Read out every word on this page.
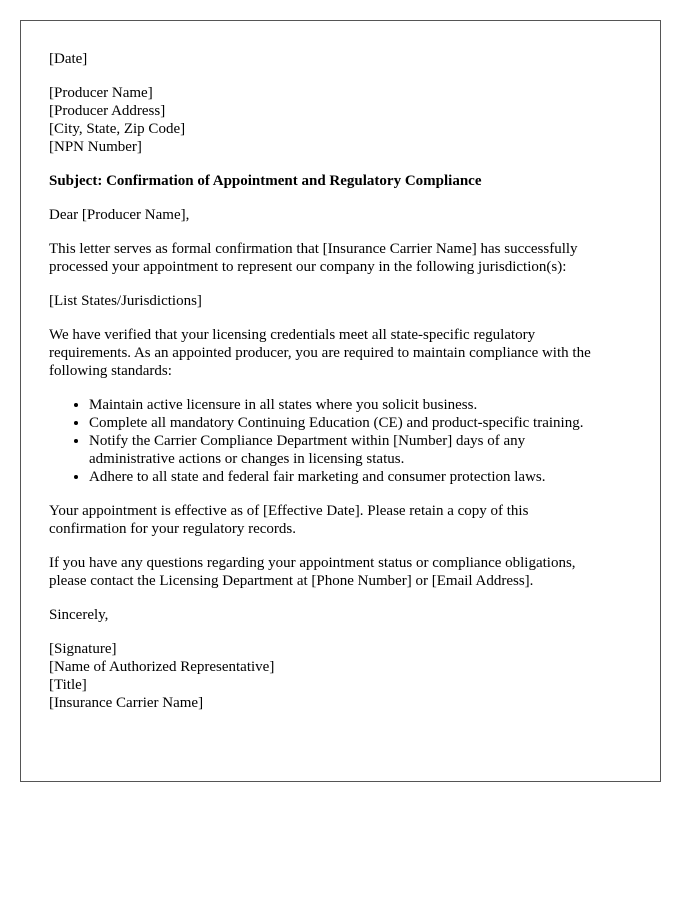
[Date]

[Producer Name]
[Producer Address]
[City, State, Zip Code]
[NPN Number]

Subject: Confirmation of Appointment and Regulatory Compliance

Dear [Producer Name],

This letter serves as formal confirmation that [Insurance Carrier Name] has successfully
processed your appointment to represent our company in the following jurisdiction(s):

[List States/Jurisdictions]

We have verified that your licensing credentials meet all state-specific regulatory
requirements. As an appointed producer, you are required to maintain compliance with the
following standards:

• Maintain active licensure in all states where you solicit business.
• Complete all mandatory Continuing Education (CE) and product-specific training.
• Notify the Carrier Compliance Department within [Number] days of any
administrative actions or changes in licensing status.
• Adhere to all state and federal fair marketing and consumer protection laws.

Your appointment is effective as of [Effective Date]. Please retain a copy of this
confirmation for your regulatory records.

If you have any questions regarding your appointment status or compliance obligations,
please contact the Licensing Department at [Phone Number] or [Email Address].

Sincerely,

[Signature]
[Name of Authorized Representative]
[Title]
[Insurance Carrier Name]
